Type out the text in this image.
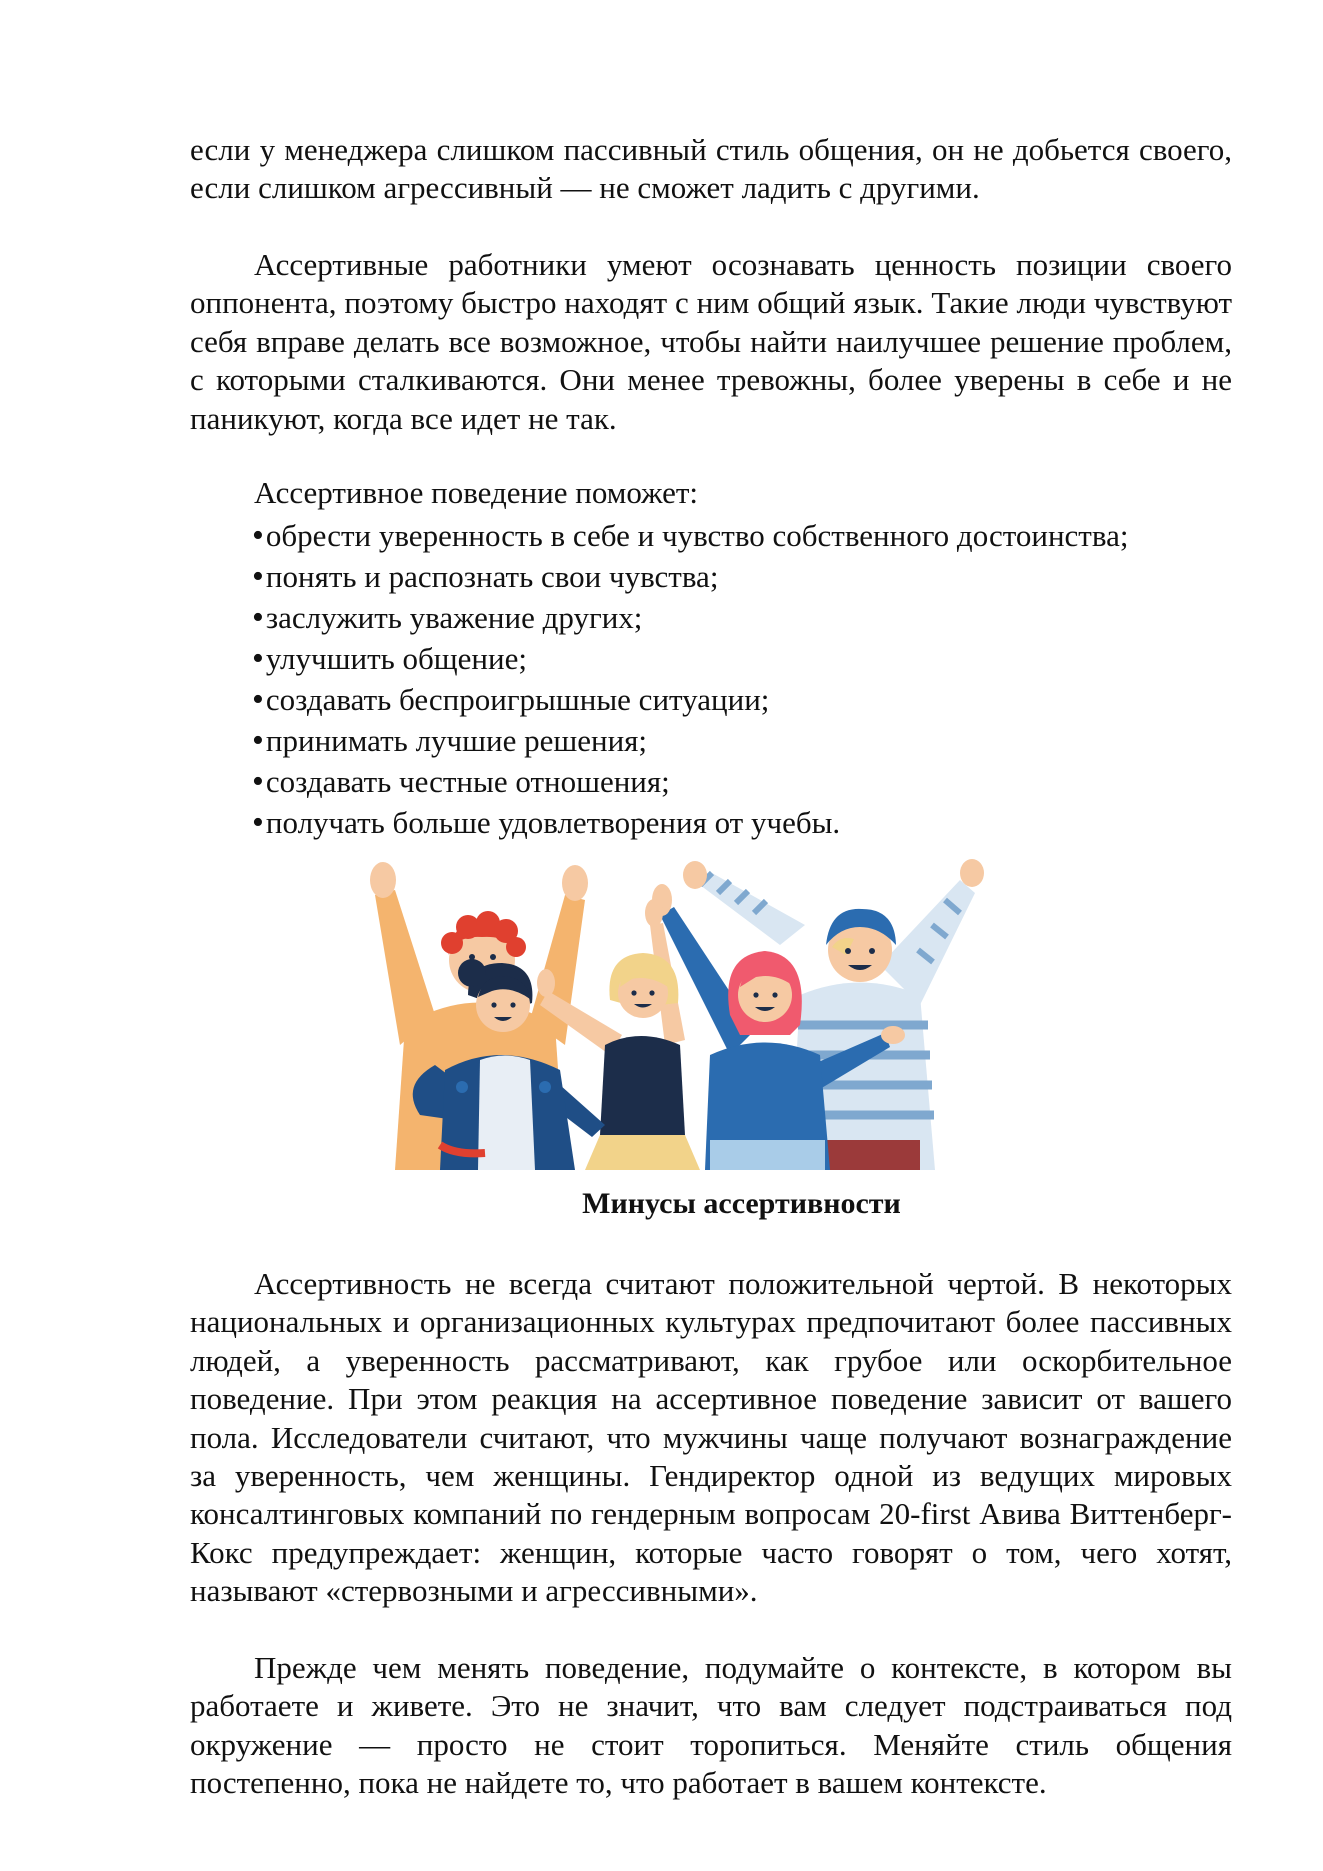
если у менеджера слишком пассивный стиль общения, он не добьется своего, если слишком агрессивный — не сможет ладить с другими.

Ассертивные работники умеют осознавать ценность позиции своего оппонента, поэтому быстро находят с ним общий язык. Такие люди чувствуют себя вправе делать все возможное, чтобы найти наилучшее решение проблем, с которыми сталкиваются. Они менее тревожны, более уверены в себе и не паникуют, когда все идет не так.

Ассертивное поведение поможет:

• обрести уверенность в себе и чувство собственного достоинства;
• понять и распознать свои чувства;
• заслужить уважение других;
• улучшить общение;
• создавать беспроигрышные ситуации;
• принимать лучшие решения;
• создавать честные отношения;
• получать больше удовлетворения от учебы.
Минусы ассертивности

Ассертивность не всегда считают положительной чертой. В некоторых национальных и организационных культурах предпочитают более пассивных людей, а уверенность рассматривают, как грубое или оскорбительное поведение. При этом реакция на ассертивное поведение зависит от вашего пола. Исследователи считают, что мужчины чаще получают вознаграждение за уверенность, чем женщины. Гендиректор одной из ведущих мировых консалтинговых компаний по гендерным вопросам 20-first Авива Виттенберг-Кокс предупреждает: женщин, которые часто говорят о том, чего хотят, называют «стервозными и агрессивными».

Прежде чем менять поведение, подумайте о контексте, в котором вы работаете и живете. Это не значит, что вам следует подстраиваться под окружение — просто не стоит торопиться. Меняйте стиль общения постепенно, пока не найдете то, что работает в вашем контексте.
